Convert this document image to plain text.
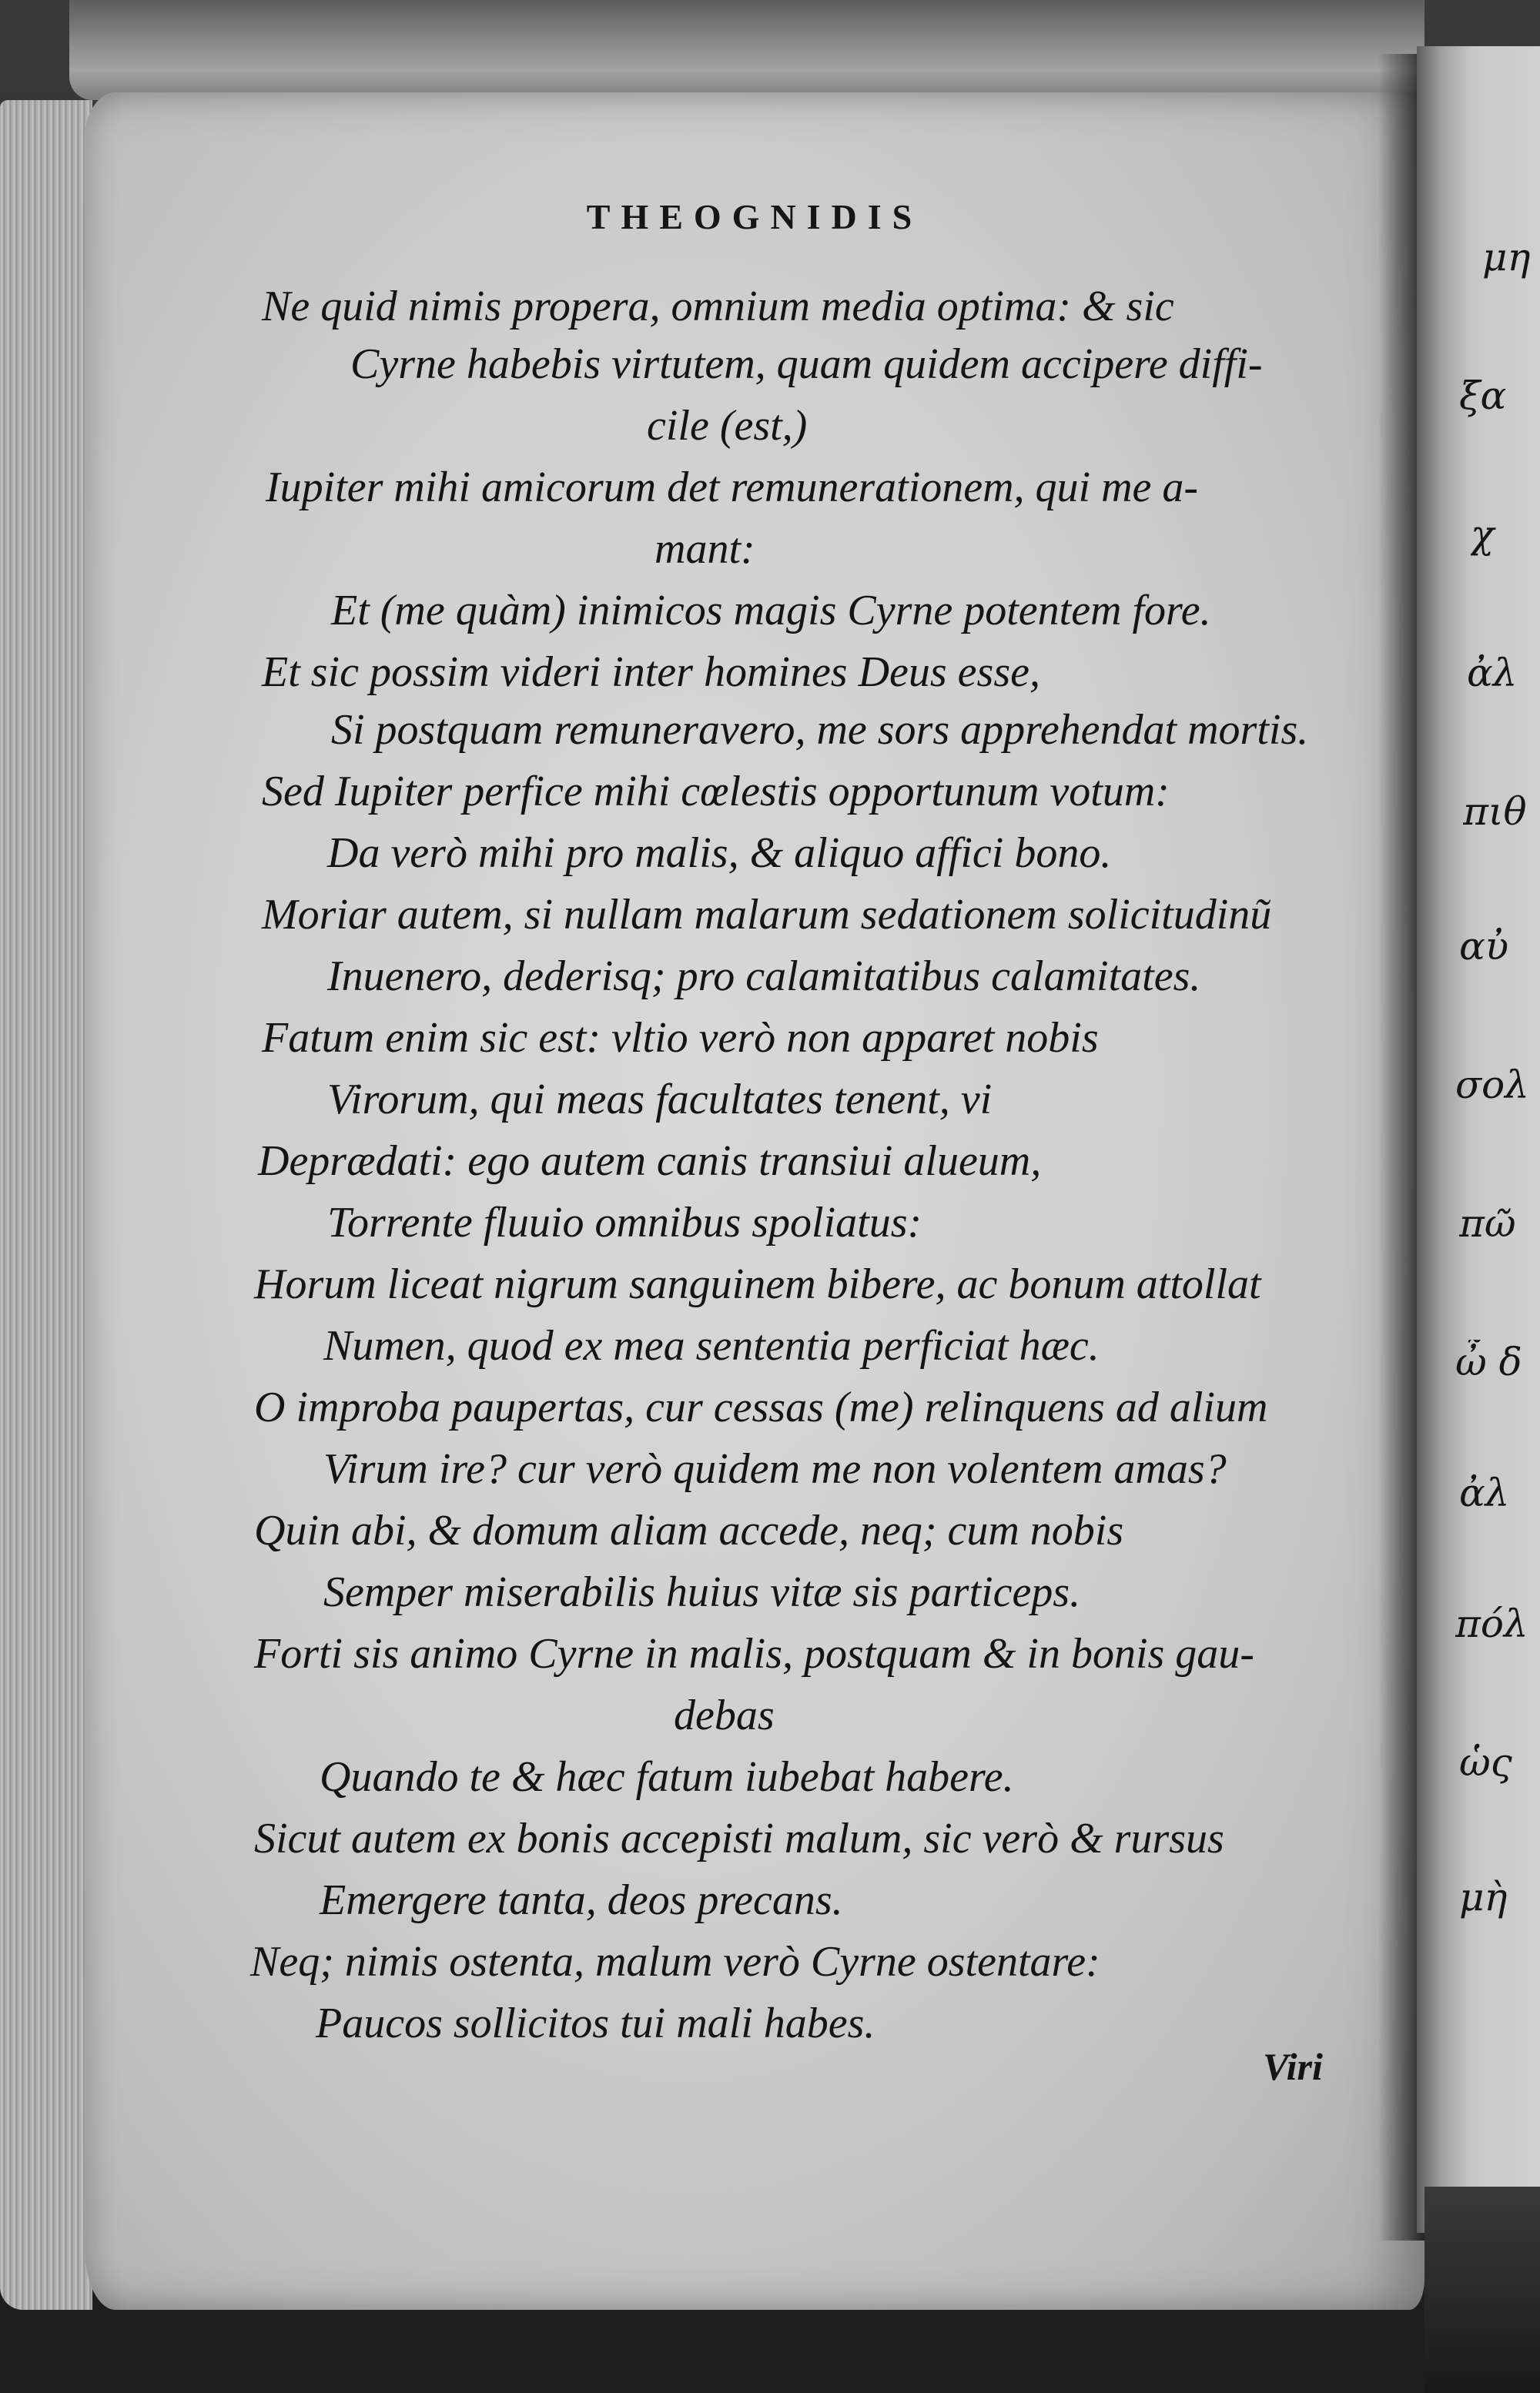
THEOGNIDIS

Ne quid nimis propera, omnium media optima: & sic

Cyrne habebis virtutem, quam quidem accipere diffi-

cile (est,)

Iupiter mihi amicorum det remunerationem, qui me a-

mant:

Et (me quàm) inimicos magis Cyrne potentem fore.

Et sic possim videri inter homines Deus esse,

Si postquam remuneravero, me sors apprehendat mortis.

Sed Iupiter perfice mihi cœlestis opportunum votum:

Da verò mihi pro malis, & aliquo affici bono.

Moriar autem, si nullam malarum sedationem solicitudinũ

Inuenero, dederisq; pro calamitatibus calamitates.

Fatum enim sic est: vltio verò non apparet nobis

Virorum, qui meas facultates tenent, vi

Deprædati: ego autem canis transiui alueum,

Torrente fluuio omnibus spoliatus:

Horum liceat nigrum sanguinem bibere, ac bonum attollat

Numen, quod ex mea sententia perficiat hæc.

O improba paupertas, cur cessas (me) relinquens ad alium

Virum ire? cur verò quidem me non volentem amas?

Quin abi, & domum aliam accede, neq; cum nobis

Semper miserabilis huius vitæ sis particeps.

Forti sis animo Cyrne in malis, postquam & in bonis gau-

debas

Quando te & hæc fatum iubebat habere.

Sicut autem ex bonis accepisti malum, sic verò & rursus

Emergere tanta, deos precans.

Neq; nimis ostenta, malum verò Cyrne ostentare:

Paucos sollicitos tui mali habes.

Viri
μη
ξα
χ
ἀλ
πιθ
αὐ
σολ
πῶ
ὦ δ
ἀλ
πόλ
ὡς
μὴ
